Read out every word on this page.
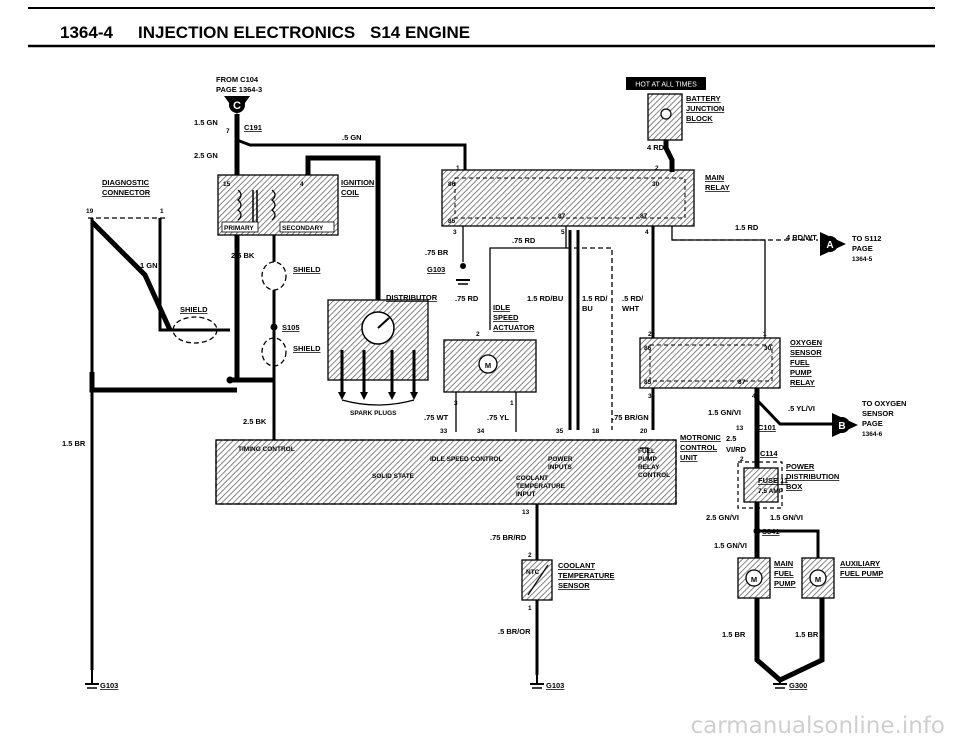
1364-4 INJECTION ELECTRONICS S14 ENGINE
HOT AT ALL TIMES
BATTERY
JUNCTION
BLOCK
4 RD
FROM C104
PAGE 1364-3
C
1.5 GN
7 C191
2.5 GN
.5 GN
DIAGNOSTIC
CONNECTOR
19	1
1 GN
1.5 BR
G103
IGNITION
COIL
15	4
PRIMARY	SECONDARY
2.5 BK
SHIELD
SHIELD
S105
SHIELD
2.5 BK
DISTRIBUTOR
SPARK PLUGS
MAIN
RELAY
1	2
86	30
85
87	87
3	5	4
1.5 RD
4 RD/WT
A
TO S112
PAGE
1364-5
.75 BR
G103
.75 RD
.75 RD	1.5 RD/BU 1.5 RD/
BU
.5 RD/
WHT
IDLE
SPEED
ACTUATOR
2
M
3	1
.75 WT	.75 YL	.75 BR/GN
2	1
86	30
85	87
3	4
OXYGEN
SENSOR
FUEL
PUMP
RELAY
1.5 GN/VI	.5 YL/VI
B
TO OXYGEN
SENSOR
PAGE
1364-6
13 C101
2.5
VI/RD
2
C114
FUSE 11
7.5 AMP
POWER
DISTRIBUTION
BOX
2.5 GN/VI	1.5 GN/VI
S341
1.5 GN/VI
M
MAIN
FUEL
PUMP	M
AUXILIARY
FUEL PUMP
1.5 BR	1.5 BR
G300
MOTRONIC
CONTROL
UNIT
33	34	35	18	20
TIMING CONTROL
IDLE SPEED CONTROL	POWER
INPUTS
FUEL
PUMP
RELAY
CONTROL
SOLID STATE	COOLANT
TEMPERATURE
INPUT
13
.75 BR/RD
2
NTC
COOLANT
TEMPERATURE
SENSOR
1
.5 BR/OR
G103
carmanualsonline.info
